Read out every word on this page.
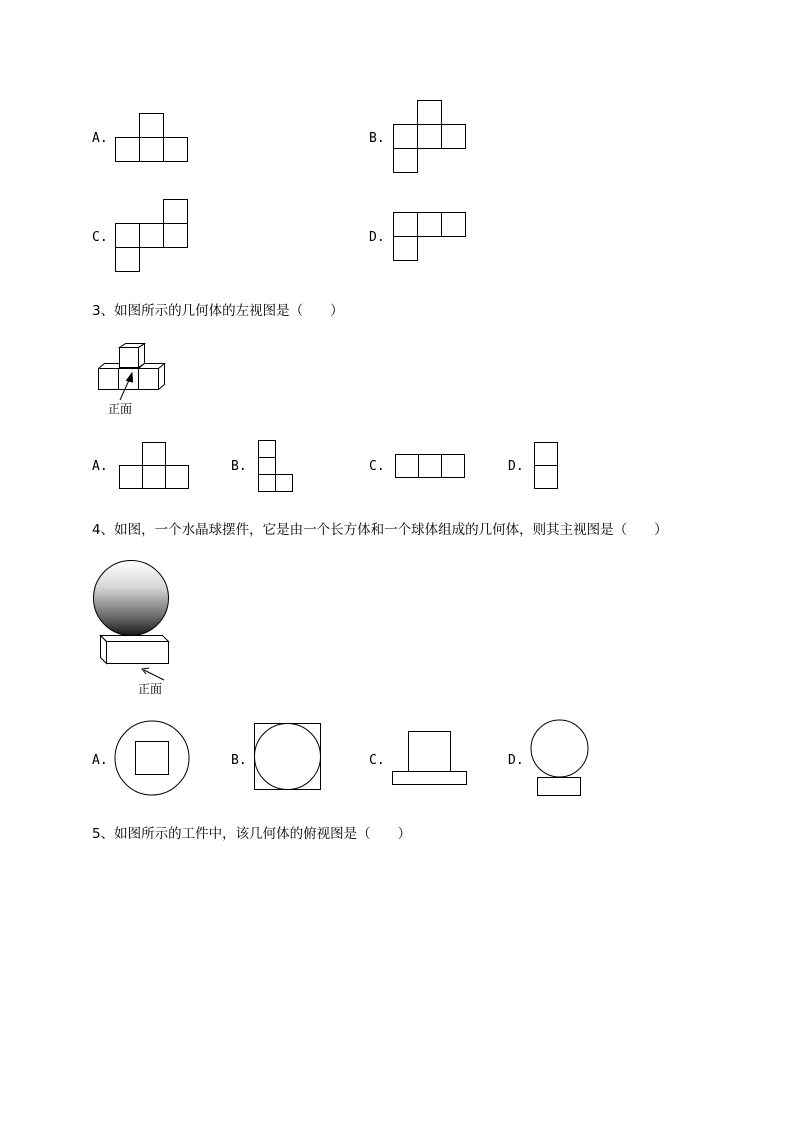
A.	B.
C.	D.
3、如图所示的几何体的左视图是（　　）
正面
A.	B.	C.	D.
4、如图，一个水晶球摆件，它是由一个长方体和一个球体组成的几何体，则其主视图是（　　）
正面
A.	B.	C.	D.
5、如图所示的工件中，该几何体的俯视图是（　　）
